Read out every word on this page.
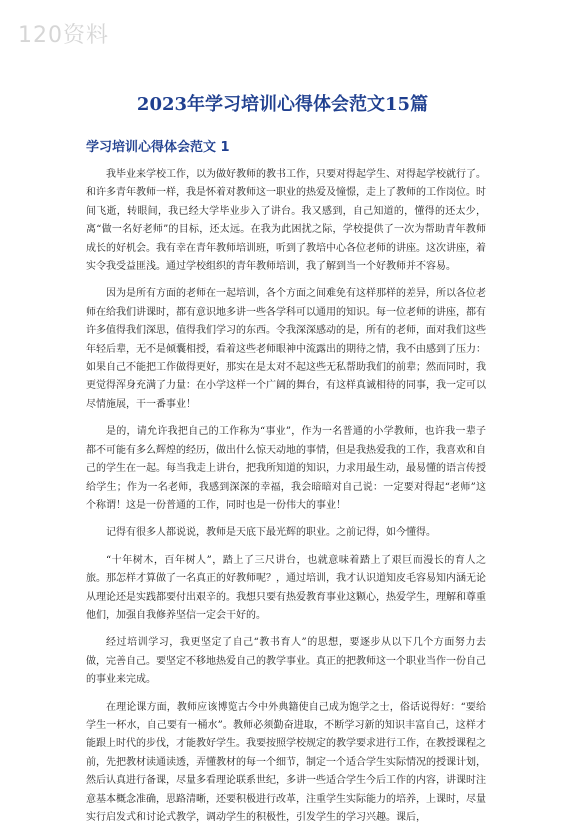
120资料
2023年学习培训心得体会范文15篇
学习培训心得体会范文 1

我毕业来学校工作，以为做好教师的教书工作，只要对得起学生、对得起学校就行了。和许多青年教师一样，我是怀着对教师这一职业的热爱及憧憬，走上了教师的工作岗位。时间飞逝，转眼间，我已经大学毕业步入了讲台。我又感到，自己知道的，懂得的还太少，离“做一名好老师”的目标，还太远。在我为此困扰之际，学校提供了一次为帮助青年教师成长的好机会。我有幸在青年教师培训班，听到了教培中心各位老师的讲座。这次讲座，着实令我受益匪浅。通过学校组织的青年教师培训，我了解到当一个好教师并不容易。

因为是所有方面的老师在一起培训，各个方面之间难免有这样那样的差异，所以各位老师在给我们讲课时，都有意识地多讲一些各学科可以通用的知识。每一位老师的讲座，都有许多值得我们深思，值得我们学习的东西。令我深深感动的是，所有的老师，面对我们这些年轻后辈，无不是倾囊相授，看着这些老师眼神中流露出的期待之情，我不由感到了压力：如果自己不能把工作做得更好，那实在是太对不起这些无私帮助我们的前辈；然而同时，我更觉得浑身充满了力量：在小学这样一个广阔的舞台，有这样真诚相待的同事，我一定可以尽情施展，干一番事业！

是的，请允许我把自己的工作称为“事业”，作为一名普通的小学教师，也许我一辈子都不可能有多么辉煌的经历，做出什么惊天动地的事情，但是我热爱我的工作，我喜欢和自己的学生在一起。每当我走上讲台，把我所知道的知识，力求用最生动，最易懂的语言传授给学生；作为一名老师，我感到深深的幸福，我会暗暗对自己说：一定要对得起“老师”这个称谓！这是一份普通的工作，同时也是一份伟大的事业！

记得有很多人都说说，教师是天底下最光辉的职业。之前记得，如今懂得。

“十年树木，百年树人”，踏上了三尺讲台，也就意味着踏上了艰巨而漫长的育人之旅。那怎样才算做了一名真正的好教师呢？，通过培训，我才认识道知皮毛容易知内涵无论从理论还是实践都要付出艰辛的。我想只要有热爱教育事业这颗心，热爱学生，理解和尊重他们，加强自我修养坚信一定会干好的。

经过培训学习，我更坚定了自己“教书育人”的思想，要逐步从以下几个方面努力去做，完善自己。要坚定不移地热爱自己的教学事业。真正的把教师这一个职业当作一份自己的事业来完成。

在理论课方面，教师应该博览古今中外典籍使自己成为饱学之士，俗话说得好：“要给学生一杯水，自己要有一桶水”。教师必须勤奋进取，不断学习新的知识丰富自己，这样才能跟上时代的步伐，才能教好学生。我要按照学校规定的教学要求进行工作，在教授课程之前，先把教材读通读透，弄懂教材的每一个细节，制定一个适合学生实际情况的授课计划，然后认真进行备课，尽量多看理论联系世纪，多讲一些适合学生今后工作的内容，讲课时注意基本概念准确，思路清晰，还要积极进行改革，注重学生实际能力的培养，上课时，尽量实行启发式和讨论式教学，调动学生的积极性，引发学生的学习兴趣。课后，
